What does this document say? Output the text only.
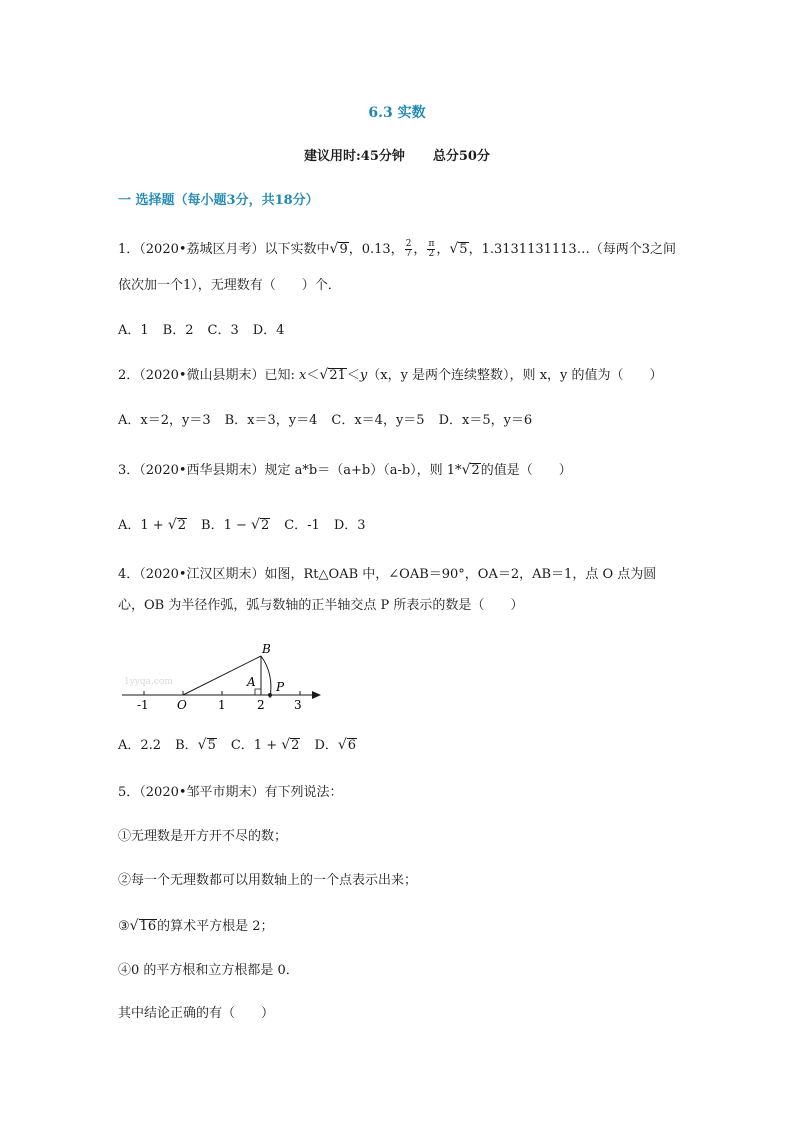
6.3 实数
建议用时:45分钟 总分50分
一 选择题（每小题3分，共18分）
1．（2020•荔城区月考）以下实数中 √ 9 ，0.13， $\frac{2}{7}$ ， $\frac{\pi}{2}$ ， √ 5 ，1.3131131113…（每两个3之间
依次加一个1），无理数有（　　）个．
A．1 B．2 C．3 D．4
2．（2020•微山县期末）已知: x＜ √ 21 ＜y（x，y 是两个连续整数），则 x，y 的值为（　　）
A．x＝2，y＝3 B．x＝3，y＝4 C．x＝4，y＝5 D．x＝5，y＝6
3．（2020•西华县期末）规定 a*b＝（a+b）（a-b），则 1* √ 2 的值是（　　）
A．1 + √ 2 B．1 − √ 2 C．-1 D．3
4．（2020•江汉区期末）如图，Rt△OAB 中，∠OAB＝90°，OA＝2，AB＝1，点 O 点为圆
心，OB 为半径作弧，弧与数轴的正半轴交点 P 所表示的数是（　　）
1yyqa.com
B
A P
-1 O	1	2 3
A．2.2 B． √ 5 C．1 + √ 2 D． √ 6
5．（2020•邹平市期末）有下列说法：
①无理数是开方开不尽的数；
②每一个无理数都可以用数轴上的一个点表示出来；
③ √ 16 的算术平方根是 2；
④0 的平方根和立方根都是 0．
其中结论正确的有（　　）
